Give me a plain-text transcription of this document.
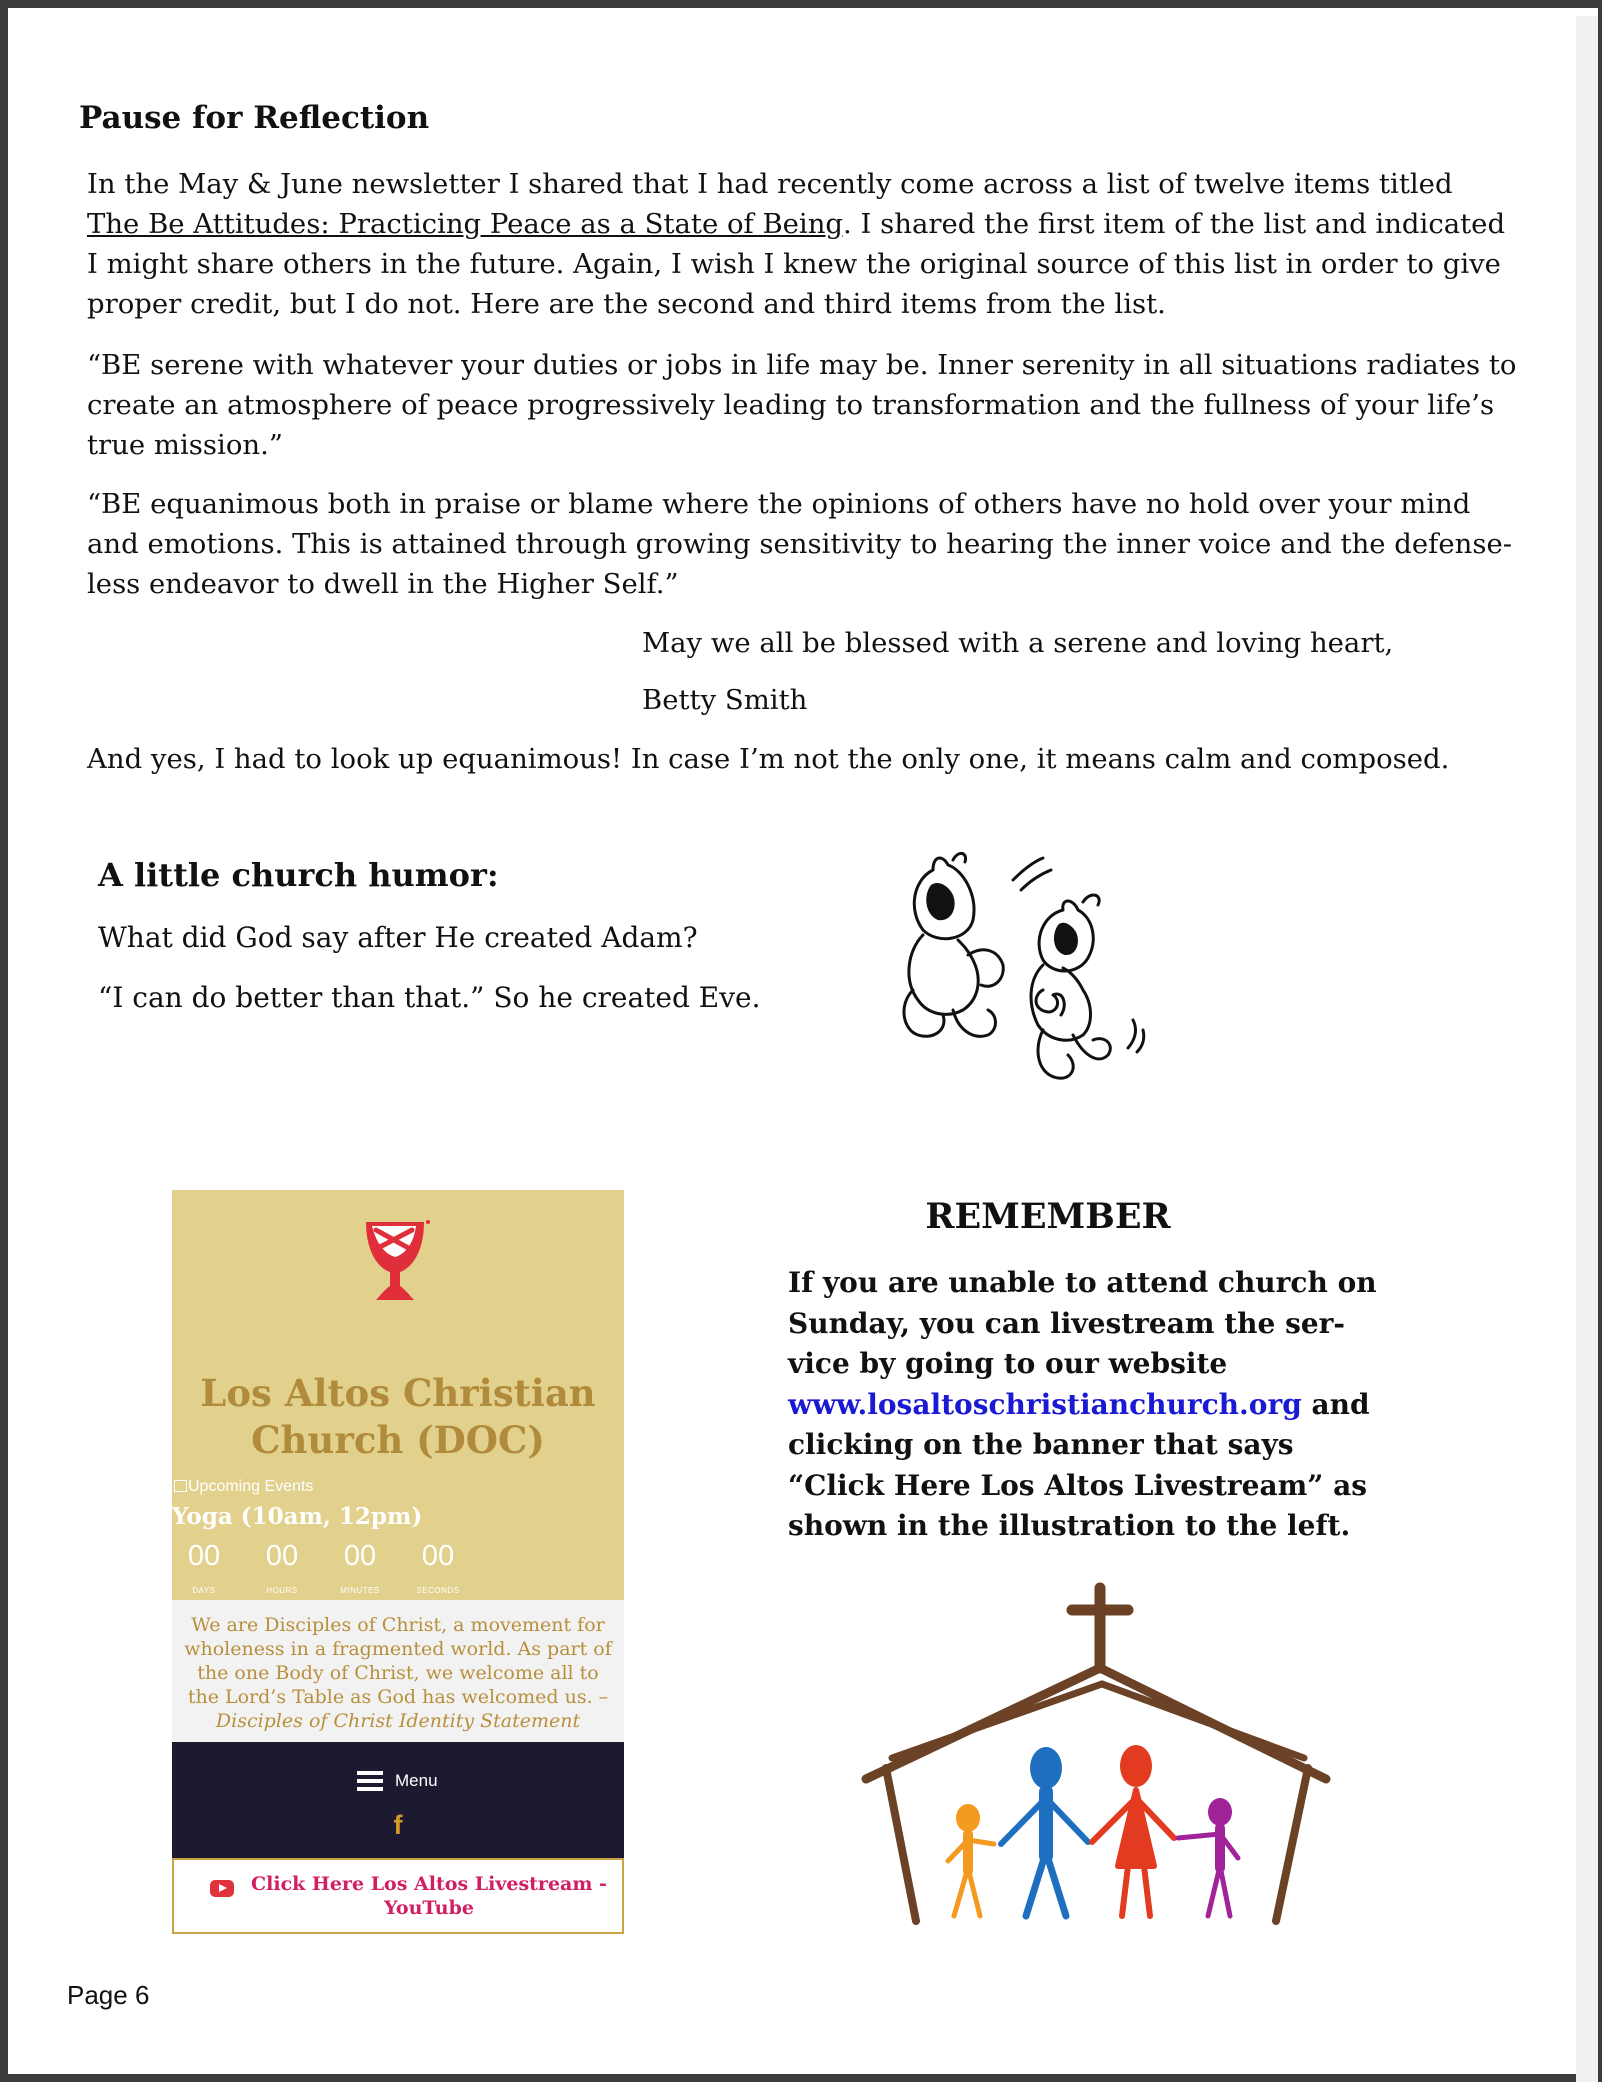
Pause for Reflection
In the May & June newsletter I shared that I had recently come across a list of twelve items titled
The Be Attitudes: Practicing Peace as a State of Being. I shared the first item of the list and indicated
I might share others in the future. Again, I wish I knew the original source of this list in order to give
proper credit, but I do not. Here are the second and third items from the list.
“BE serene with whatever your duties or jobs in life may be. Inner serenity in all situations radiates to
create an atmosphere of peace progressively leading to transformation and the fullness of your life’s
true mission.”
“BE equanimous both in praise or blame where the opinions of others have no hold over your mind
and emotions. This is attained through growing sensitivity to hearing the inner voice and the defense-
less endeavor to dwell in the Higher Self.”
May we all be blessed with a serene and loving heart,
Betty Smith
And yes, I had to look up equanimous! In case I’m not the only one, it means calm and composed.
A little church humor:
What did God say after He created Adam?
“I can do better than that.” So he created Eve.
Los Altos Christian
Church (DOC)
Upcoming Events
Yoga (10am, 12pm)
00	00	00	00
DAYS	HOURS	MINUTES	SECONDS
We are Disciples of Christ, a movement for wholeness in a fragmented world. As part of the one Body of Christ, we welcome all to the Lord’s Table as God has welcomed us. –
Disciples of Christ Identity Statement
Menu
f
Click Here Los Altos Livestream - YouTube
REMEMBER
If you are unable to attend church on
Sunday, you can livestream the ser-
vice by going to our website
www.losaltoschristianchurch.org and
clicking on the banner that says
“Click Here Los Altos Livestream” as
shown in the illustration to the left.
Page 6
